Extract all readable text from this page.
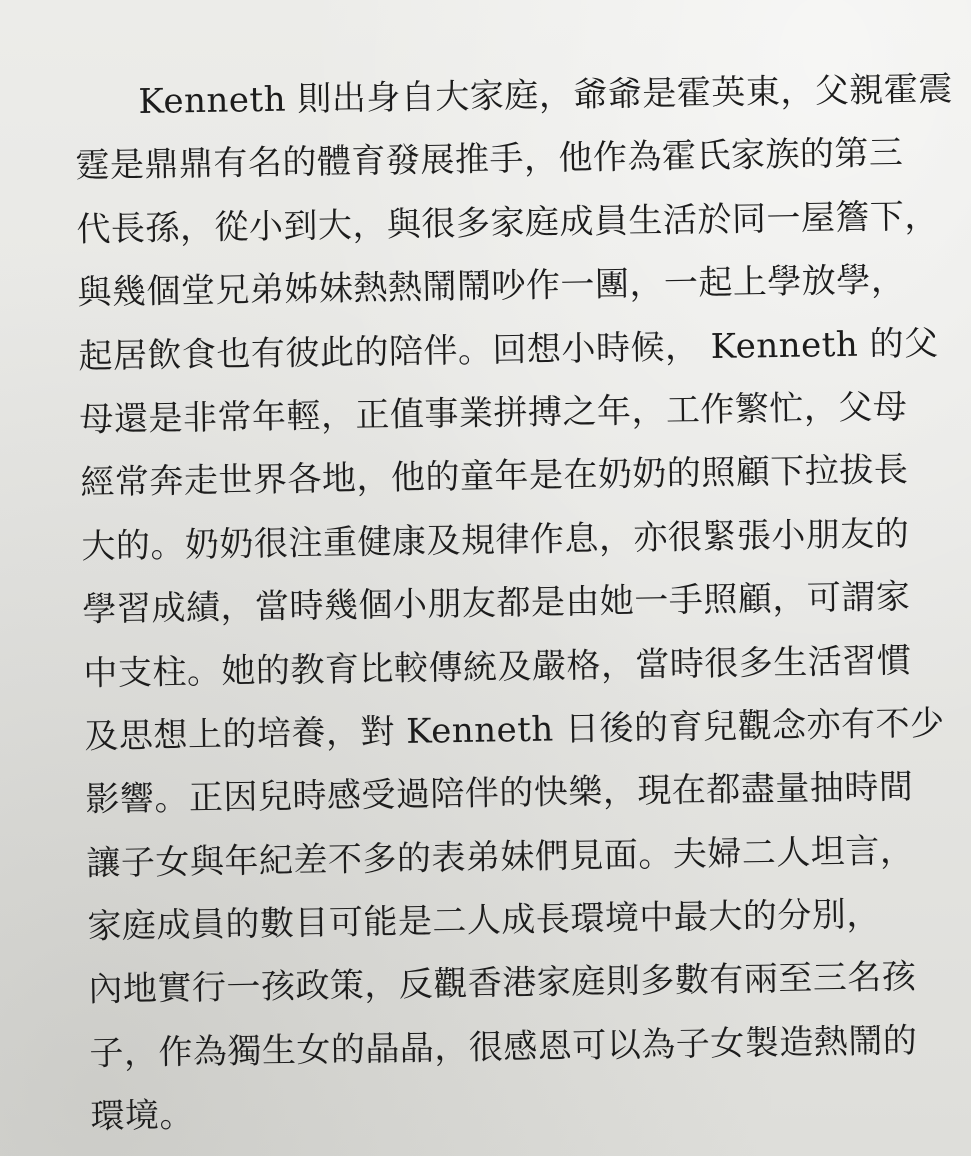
Kenneth 則出身自大家庭，爺爺是霍英東，父親霍震
霆是鼎鼎有名的體育發展推手，他作為霍氏家族的第三
代長孫，從小到大，與很多家庭成員生活於同一屋簷下，
與幾個堂兄弟姊妹熱熱鬧鬧吵作一團，一起上學放學，
起居飲食也有彼此的陪伴。回想小時候， Kenneth 的父
母還是非常年輕，正值事業拼搏之年，工作繁忙，父母
經常奔走世界各地，他的童年是在奶奶的照顧下拉拔長
大的。奶奶很注重健康及規律作息，亦很緊張小朋友的
學習成績，當時幾個小朋友都是由她一手照顧，可謂家
中支柱。她的教育比較傳統及嚴格，當時很多生活習慣
及思想上的培養，對 Kenneth 日後的育兒觀念亦有不少
影響。正因兒時感受過陪伴的快樂，現在都盡量抽時間
讓子女與年紀差不多的表弟妹們見面。夫婦二人坦言，
家庭成員的數目可能是二人成長環境中最大的分別，
內地實行一孩政策，反觀香港家庭則多數有兩至三名孩
子，作為獨生女的晶晶，很感恩可以為子女製造熱鬧的
環境。
